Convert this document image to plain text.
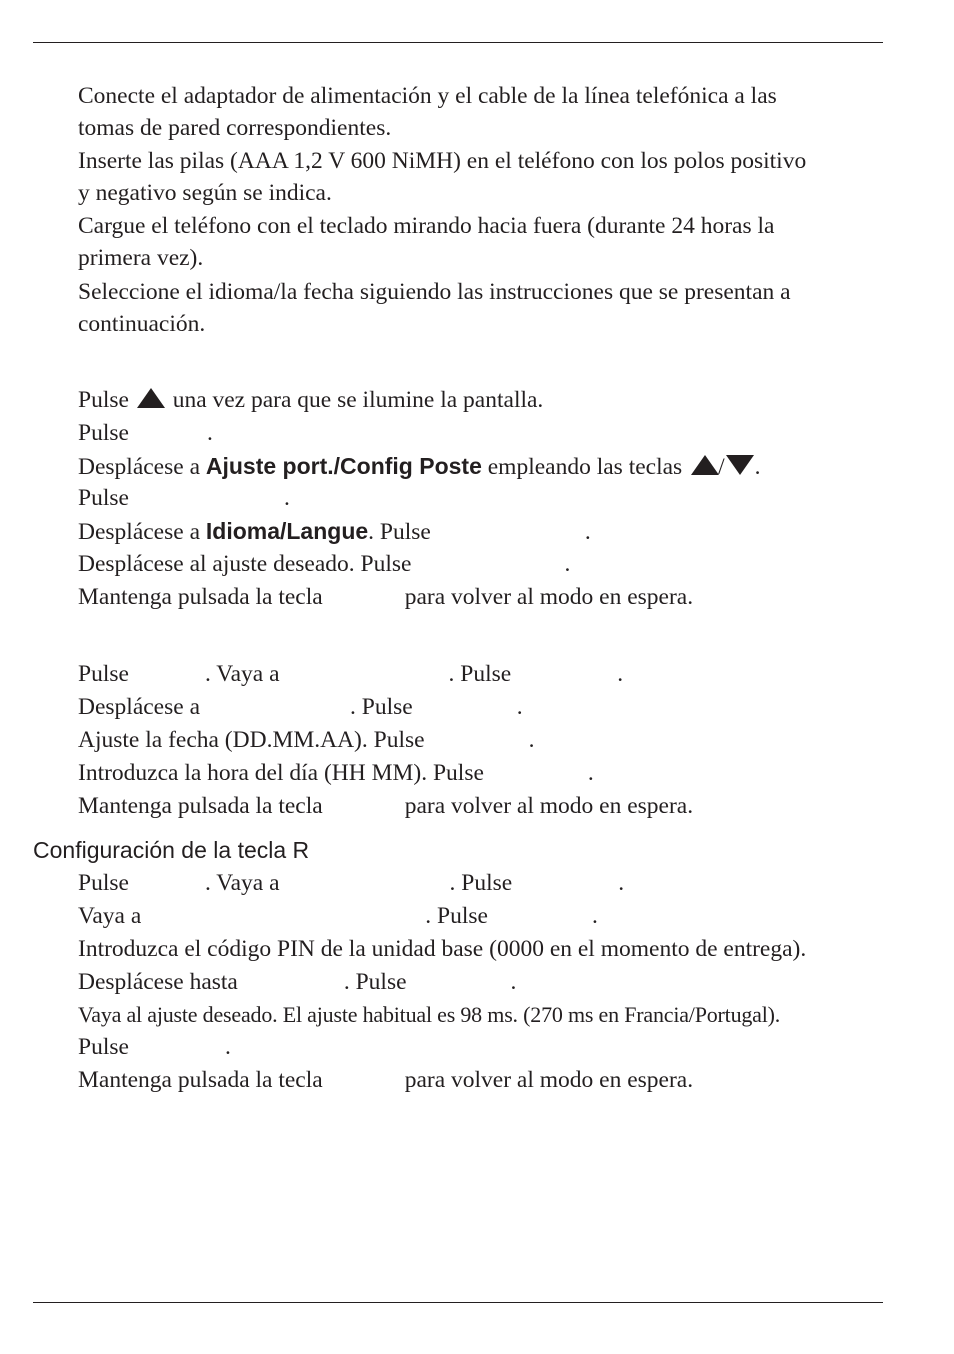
Conecte el adaptador de alimentación y el cable de la línea telefónica a las
tomas de pared correspondientes.
Inserte las pilas (AAA 1,2 V 600 NiMH) en el teléfono con los polos positivo
y negativo según se indica.
Cargue el teléfono con el teclado mirando hacia fuera (durante 24 horas la
primera vez).
Seleccione el idioma/la fecha siguiendo las instrucciones que se presentan a
continuación.
Pulse una vez para que se ilumine la pantalla.
Pulse	.
Desplácese a Ajuste port./Config Poste empleando las teclas / .
Pulse	.
Desplácese a Idioma/Langue. Pulse	.
Desplácese al ajuste deseado. Pulse	.
Mantenga pulsada la tecla	para volver al modo en espera.
Pulse	. Vaya a	. Pulse	.
Desplácese a	. Pulse	.
Ajuste la fecha (DD.MM.AA). Pulse	.
Introduzca la hora del día (HH MM). Pulse	.
Mantenga pulsada la tecla	para volver al modo en espera.
Configuración de la tecla R
Pulse	. Vaya a	. Pulse	.
Vaya a	. Pulse	.
Introduzca el código PIN de la unidad base (0000 en el momento de entrega).
Desplácese hasta	. Pulse	.
Vaya al ajuste deseado. El ajuste habitual es 98 ms. (270 ms en Francia/Portugal).
Pulse	.
Mantenga pulsada la tecla	para volver al modo en espera.
